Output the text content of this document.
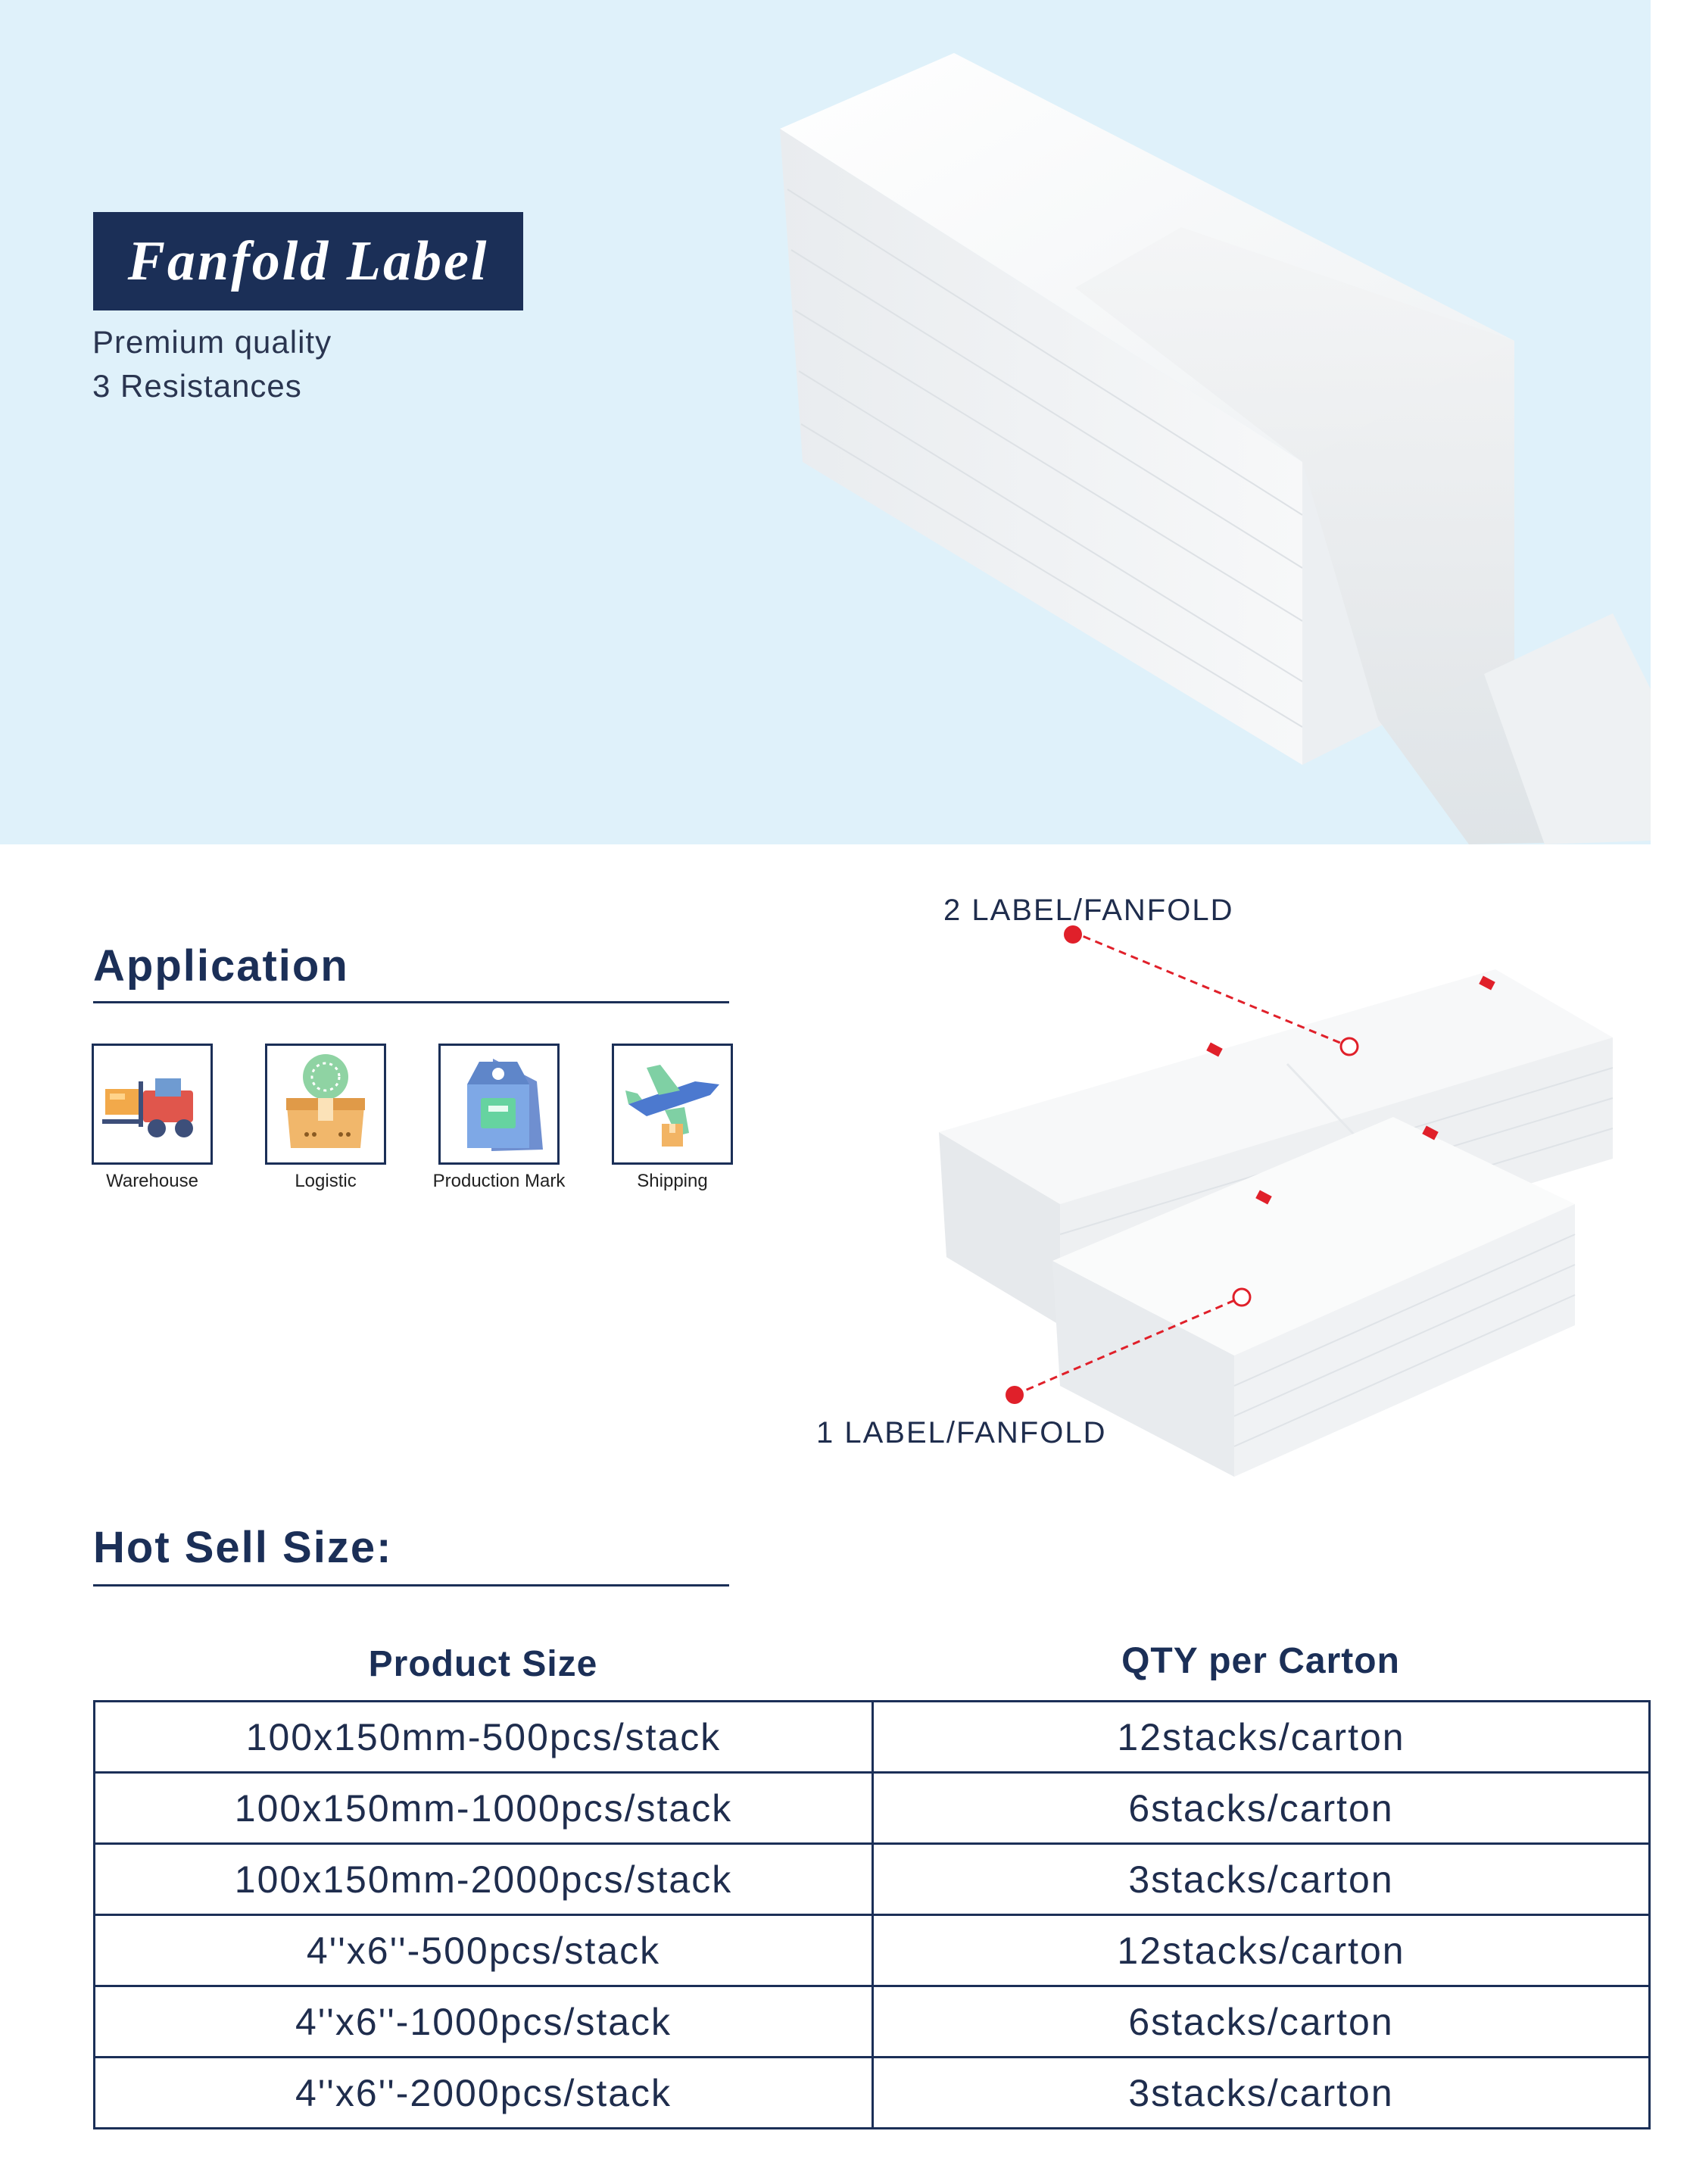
Fanfold Label
Premium quality
3 Resistances
Application
Warehouse	Logistic	Production Mark	Shipping
2 LABEL/FANFOLD
1 LABEL/FANFOLD
Hot Sell Size:
Product Size	QTY per Carton
100x150mm-500pcs/stack	12stacks/carton
100x150mm-1000pcs/stack	6stacks/carton
100x150mm-2000pcs/stack	3stacks/carton
4''x6''-500pcs/stack	12stacks/carton
4''x6''-1000pcs/stack	6stacks/carton
4''x6''-2000pcs/stack	3stacks/carton
